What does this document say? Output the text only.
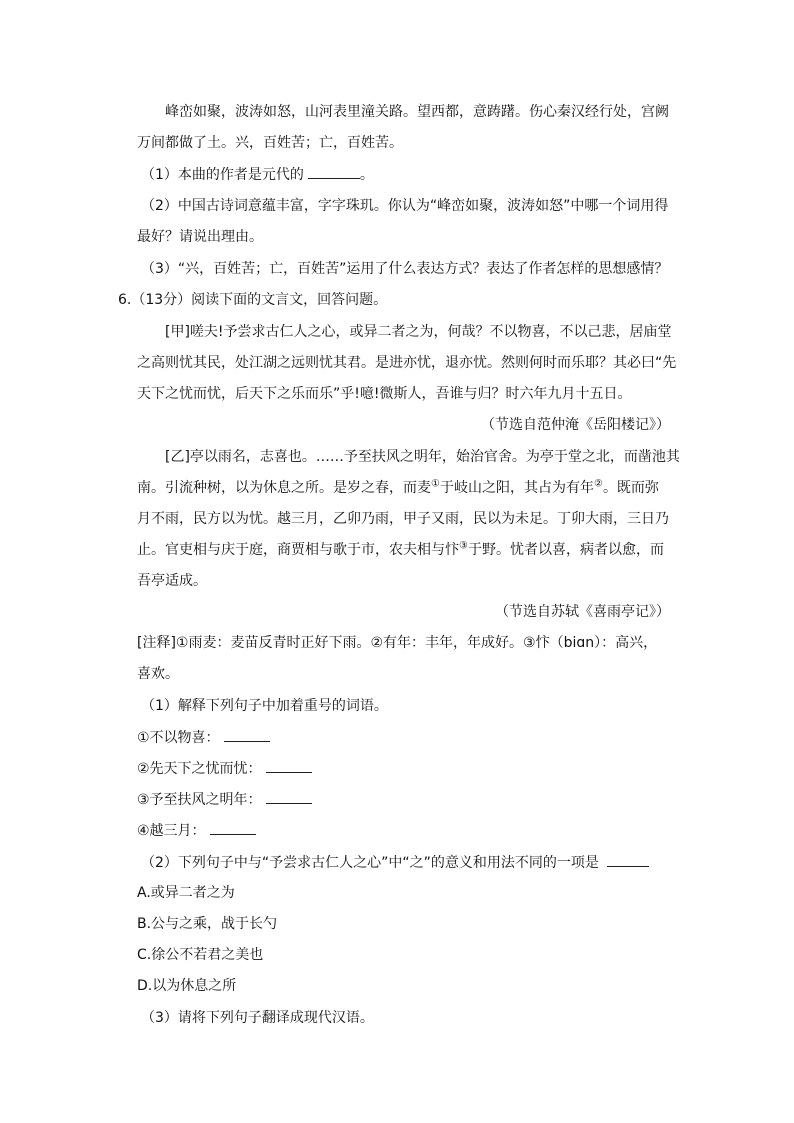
峰峦如聚，波涛如怒，山河表里潼关路。望西都，意踌躇。伤心秦汉经行处，宫阙
万间都做了土。兴，百姓苦；亡，百姓苦。
（1）本曲的作者是元代的	。
（2）中国古诗词意蕴丰富，字字珠玑。你认为“峰峦如聚，波涛如怒”中哪一个词用得
最好？请说出理由。
（3）“兴，百姓苦；亡，百姓苦”运用了什么表达方式？表达了作者怎样的思想感情？
6.（13分）阅读下面的文言文，回答问题。
[甲]嗟夫!予尝求古仁人之心，或异二者之为，何哉？不以物喜，不以己悲，居庙堂
之高则忧其民，处江湖之远则忧其君。是进亦忧，退亦忧。然则何时而乐耶？其必曰“先
天下之忧而忧，后天下之乐而乐”乎!噫!微斯人，吾谁与归？时六年九月十五日。
（节选自范仲淹《岳阳楼记》）
[乙]亭以雨名，志喜也。……予至扶风之明年，始治官舍。为亭于堂之北，而凿池其
南。引流种树，以为休息之所。是岁之春，而麦①于岐山之阳，其占为有年②。既而弥
月不雨，民方以为忧。越三月，乙卯乃雨，甲子又雨，民以为未足。丁卯大雨，三日乃
止。官吏相与庆于庭，商贾相与歌于市，农夫相与忭③于野。忧者以喜，病者以愈，而
吾亭适成。
（节选自苏轼《喜雨亭记》）
[注释]①雨麦：麦苗反青时正好下雨。②有年：丰年，年成好。③忭（biɑn）：高兴，
喜欢。
（1）解释下列句子中加着重号的词语。
①不以物喜：
②先天下之忧而忧：
③予至扶风之明年：
④越三月：
（2）下列句子中与“予尝求古仁人之心”中“之”的意义和用法不同的一项是
A.或异二者之为
B.公与之乘，战于长勺
C.徐公不若君之美也
D.以为休息之所
（3）请将下列句子翻译成现代汉语。
